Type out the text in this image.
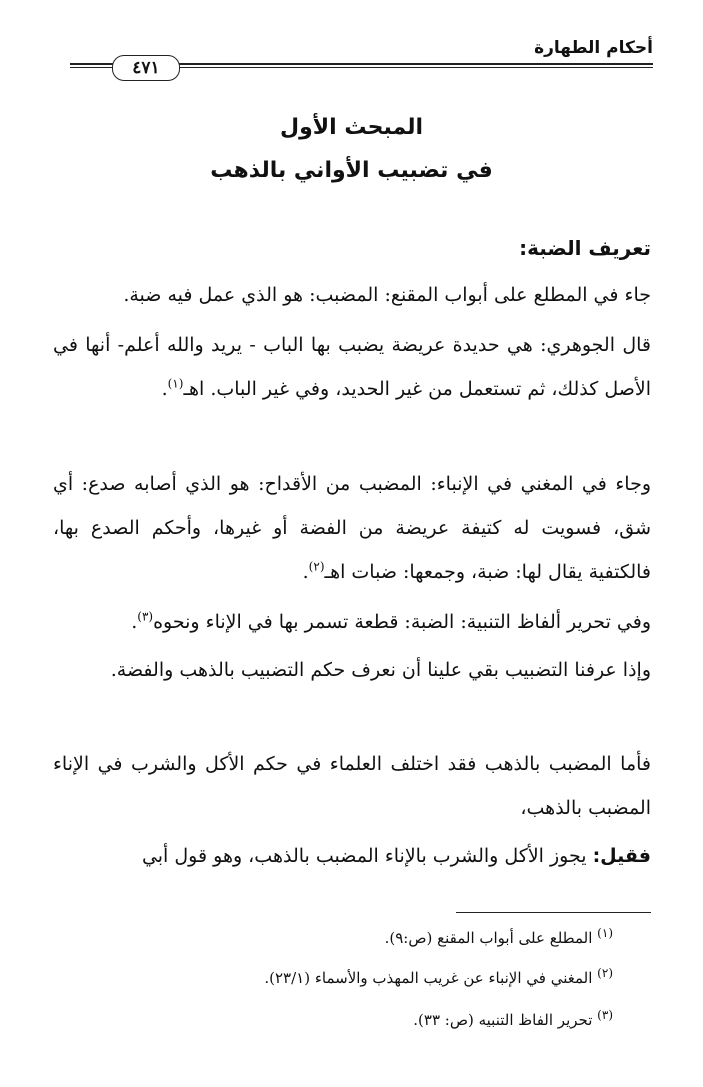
أحكام الطهارة
٤٧١
المبحث الأول
في تضبيب الأواني بالذهب
تعريف الضبة:
جاء في المطلع على أبواب المقنع: المضبب: هو الذي عمل فيه ضبة.
قال الجوهري: هي حديدة عريضة يضبب بها الباب - يريد والله أعلم- أنها في الأصل كذلك، ثم تستعمل من غير الحديد، وفي غير الباب. اهـ$^{(١)}$.
وجاء في المغني في الإنباء: المضبب من الأقداح: هو الذي أصابه صدع: أي شق، فسويت له كتيفة عريضة من الفضة أو غيرها، وأحكم الصدع بها، فالكتفية يقال لها: ضبة، وجمعها: ضبات اهـ$^{(٢)}$.
وفي تحرير ألفاظ التنبية: الضبة: قطعة تسمر بها في الإناء ونحوه$^{(٣)}$.
وإذا عرفنا التضبيب بقي علينا أن نعرف حكم التضبيب بالذهب والفضة.
فأما المضبب بالذهب فقد اختلف العلماء في حكم الأكل والشرب في الإناء المضبب بالذهب،
فقيل: يجوز الأكل والشرب بالإناء المضبب بالذهب، وهو قول أبي
$^{(١)}$ المطلع على أبواب المقنع (ص:٩).
$^{(٢)}$ المغني في الإنباء عن غريب المهذب والأسماء (٢٣/١).
$^{(٣)}$ تحرير الفاظ التنبيه (ص: ٣٣).
